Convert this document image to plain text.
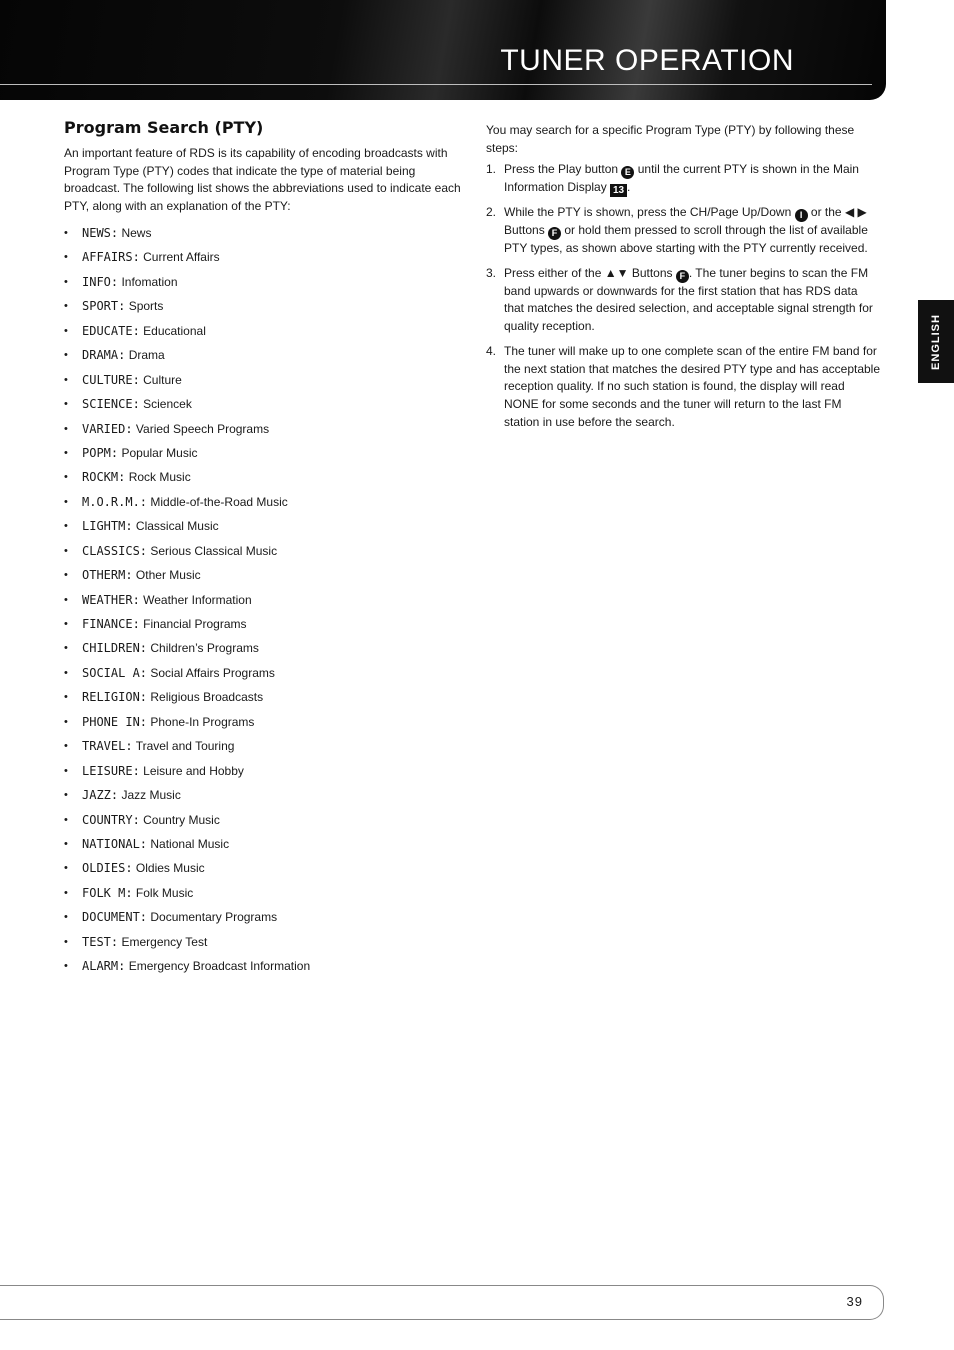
TUNER OPERATION
ENGLISH
Program Search (PTY)

An important feature of RDS is its capability of encoding broadcasts with Program Type (PTY) codes that indicate the type of material being broadcast. The following list shows the abbreviations used to indicate each PTY, along with an explanation of the PTY:

• NEWS: News
• AFFAIRS: Current Affairs
• INFO: Infomation
• SPORT: Sports
• EDUCATE: Educational
• DRAMA: Drama
• CULTURE: Culture
• SCIENCE: Sciencek
• VARIED: Varied Speech Programs
• POPM: Popular Music
• ROCKM: Rock Music
• M.O.R.M.: Middle-of-the-Road Music
• LIGHTM: Classical Music
• CLASSICS: Serious Classical Music
• OTHERM: Other Music
• WEATHER: Weather Information
• FINANCE: Financial Programs
• CHILDREN: Children’s Programs
• SOCIAL A: Social Affairs Programs
• RELIGION: Religious Broadcasts
• PHONE IN: Phone-In Programs
• TRAVEL: Travel and Touring
• LEISURE: Leisure and Hobby
• JAZZ: Jazz Music
• COUNTRY: Country Music
• NATIONAL: National Music
• OLDIES: Oldies Music
• FOLK M: Folk Music
• DOCUMENT: Documentary Programs
• TEST: Emergency Test
• ALARM: Emergency Broadcast Information

You may search for a specific Program Type (PTY) by following these steps:

1. Press the Play button E until the current PTY is shown in the Main Information Display 13 .
2. While the PTY is shown, press the CH/Page Up/Down I or the ◀ ▶ Buttons F or hold them pressed to scroll through the list of available PTY types, as shown above starting with the PTY currently received.
3. Press either of the ▲▼ Buttons F . The tuner begins to scan the FM band upwards or downwards for the first station that has RDS data that matches the desired selection, and acceptable signal strength for quality reception.
4. The tuner will make up to one complete scan of the entire FM band for the next station that matches the desired PTY type and has acceptable reception quality. If no such station is found, the display will read NONE for some seconds and the tuner will return to the last FM station in use before the search.
39
